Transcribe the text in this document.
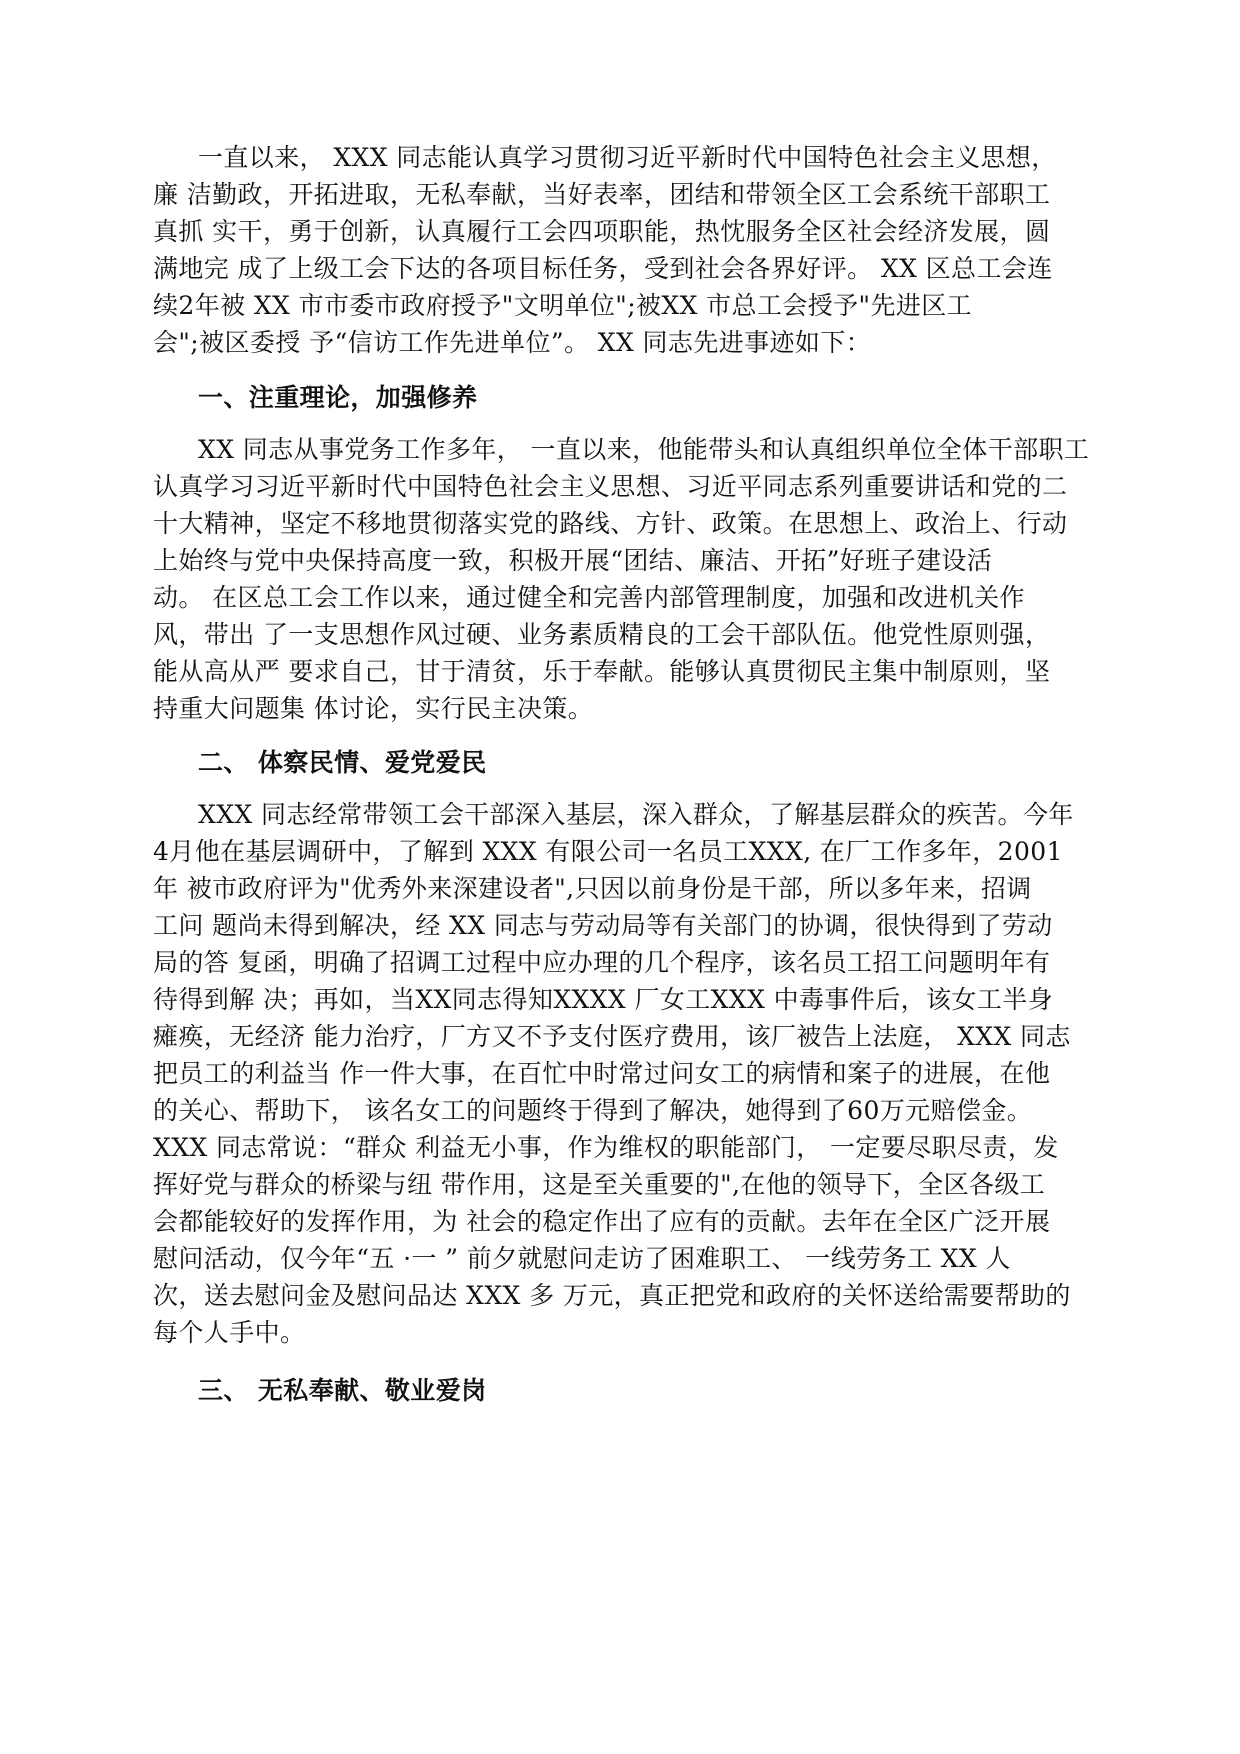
一直以来， XXX 同志能认真学习贯彻习近平新时代中国特色社会主义思想，

廉 洁勤政，开拓进取，无私奉献，当好表率，团结和带领全区工会系统干部职工

真抓 实干，勇于创新，认真履行工会四项职能，热忱服务全区社会经济发展，圆

满地完 成了上级工会下达的各项目标任务，受到社会各界好评。 XX 区总工会连

续2年被 XX 市市委市政府授予"文明单位";被XX 市总工会授予"先进区工

会";被区委授 予“信访工作先进单位”。 XX 同志先进事迹如下：

一、注重理论，加强修养

XX 同志从事党务工作多年， 一直以来，他能带头和认真组织单位全体干部职工

认真学习习近平新时代中国特色社会主义思想、习近平同志系列重要讲话和党的二

十大精神，坚定不移地贯彻落实党的路线、方针、政策。在思想上、政治上、行动

上始终与党中央保持高度一致，积极开展“团结、廉洁、开拓”好班子建设活

动。 在区总工会工作以来，通过健全和完善内部管理制度，加强和改进机关作

风，带出 了一支思想作风过硬、业务素质精良的工会干部队伍。他党性原则强，

能从高从严 要求自己，甘于清贫，乐于奉献。能够认真贯彻民主集中制原则，坚

持重大问题集 体讨论，实行民主决策。

二、 体察民情、爱党爱民

XXX 同志经常带领工会干部深入基层，深入群众，了解基层群众的疾苦。今年

4月他在基层调研中，了解到 XXX 有限公司一名员工XXX, 在厂工作多年，2001

年 被市政府评为"优秀外来深建设者",只因以前身份是干部，所以多年来，招调

工问 题尚未得到解决，经 XX 同志与劳动局等有关部门的协调，很快得到了劳动

局的答 复函，明确了招调工过程中应办理的几个程序，该名员工招工问题明年有

待得到解 决；再如，当XX同志得知XXXX 厂女工XXX 中毒事件后，该女工半身

瘫痪，无经济 能力治疗，厂方又不予支付医疗费用，该厂被告上法庭， XXX 同志

把员工的利益当 作一件大事，在百忙中时常过问女工的病情和案子的进展，在他

的关心、帮助下， 该名女工的问题终于得到了解决，她得到了60万元赔偿金。

XXX 同志常说：“群众 利益无小事，作为维权的职能部门， 一定要尽职尽责，发

挥好党与群众的桥梁与纽 带作用，这是至关重要的",在他的领导下，全区各级工

会都能较好的发挥作用，为 社会的稳定作出了应有的贡献。去年在全区广泛开展

慰问活动，仅今年“五 ·一 ” 前夕就慰问走访了困难职工、 一线劳务工 XX 人

次，送去慰问金及慰问品达 XXX 多 万元，真正把党和政府的关怀送给需要帮助的

每个人手中。

三、 无私奉献、敬业爱岗
